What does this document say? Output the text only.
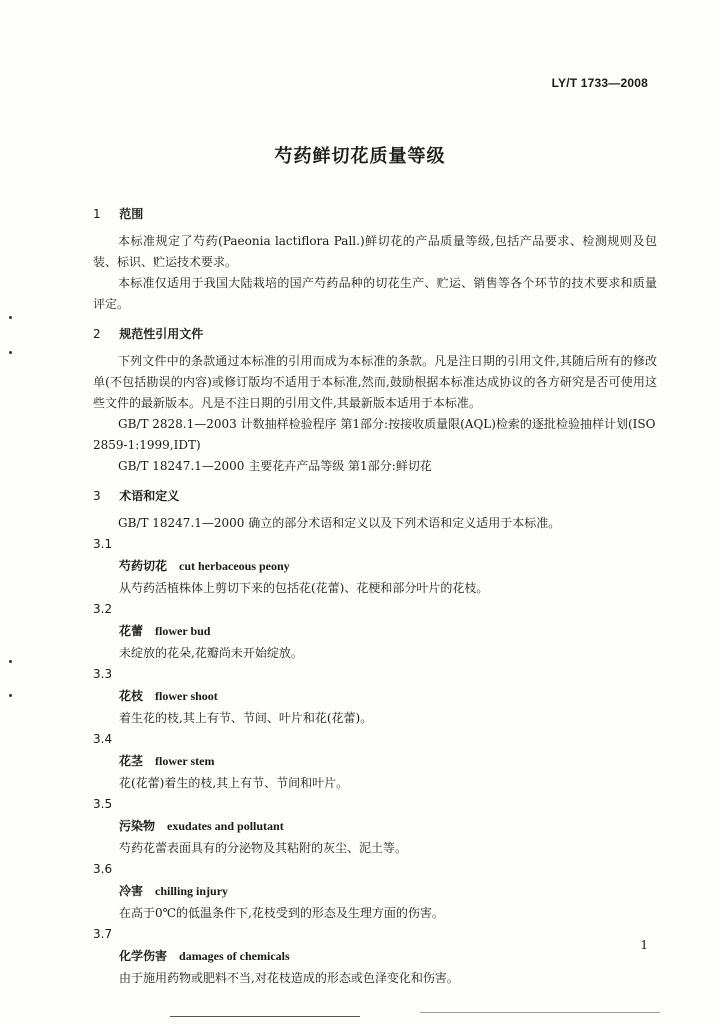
LY/T 1733—2008
芍药鲜切花质量等级
1 范围

本标准规定了芍药(Paeonia lactiflora Pall.)鲜切花的产品质量等级,包括产品要求、检测规则及包装、标识、贮运技术要求。

本标准仅适用于我国大陆栽培的国产芍药品种的切花生产、贮运、销售等各个环节的技术要求和质量评定。

2 规范性引用文件

下列文件中的条款通过本标准的引用而成为本标准的条款。凡是注日期的引用文件,其随后所有的修改单(不包括勘误的内容)或修订版均不适用于本标准,然而,鼓励根据本标准达成协议的各方研究是否可使用这些文件的最新版本。凡是不注日期的引用文件,其最新版本适用于本标准。

GB/T 2828.1—2003 计数抽样检验程序 第1部分:按接收质量限(AQL)检索的逐批检验抽样计划(ISO 2859-1:1999,IDT)

GB/T 18247.1—2000 主要花卉产品等级 第1部分:鲜切花

3 术语和定义

GB/T 18247.1—2000 确立的部分术语和定义以及下列术语和定义适用于本标准。

3.1
芍药切花 cut herbaceous peony
从芍药活植株体上剪切下来的包括花(花蕾)、花梗和部分叶片的花枝。
3.2
花蕾 flower bud
未绽放的花朵,花瓣尚未开始绽放。
3.3
花枝 flower shoot
着生花的枝,其上有节、节间、叶片和花(花蕾)。
3.4
花茎 flower stem
花(花蕾)着生的枝,其上有节、节间和叶片。
3.5
污染物 exudates and pollutant
芍药花蕾表面具有的分泌物及其粘附的灰尘、泥土等。
3.6
冷害 chilling injury
在高于0℃的低温条件下,花枝受到的形态及生理方面的伤害。
3.7
化学伤害 damages of chemicals
由于施用药物或肥料不当,对花枝造成的形态或色泽变化和伤害。
1
